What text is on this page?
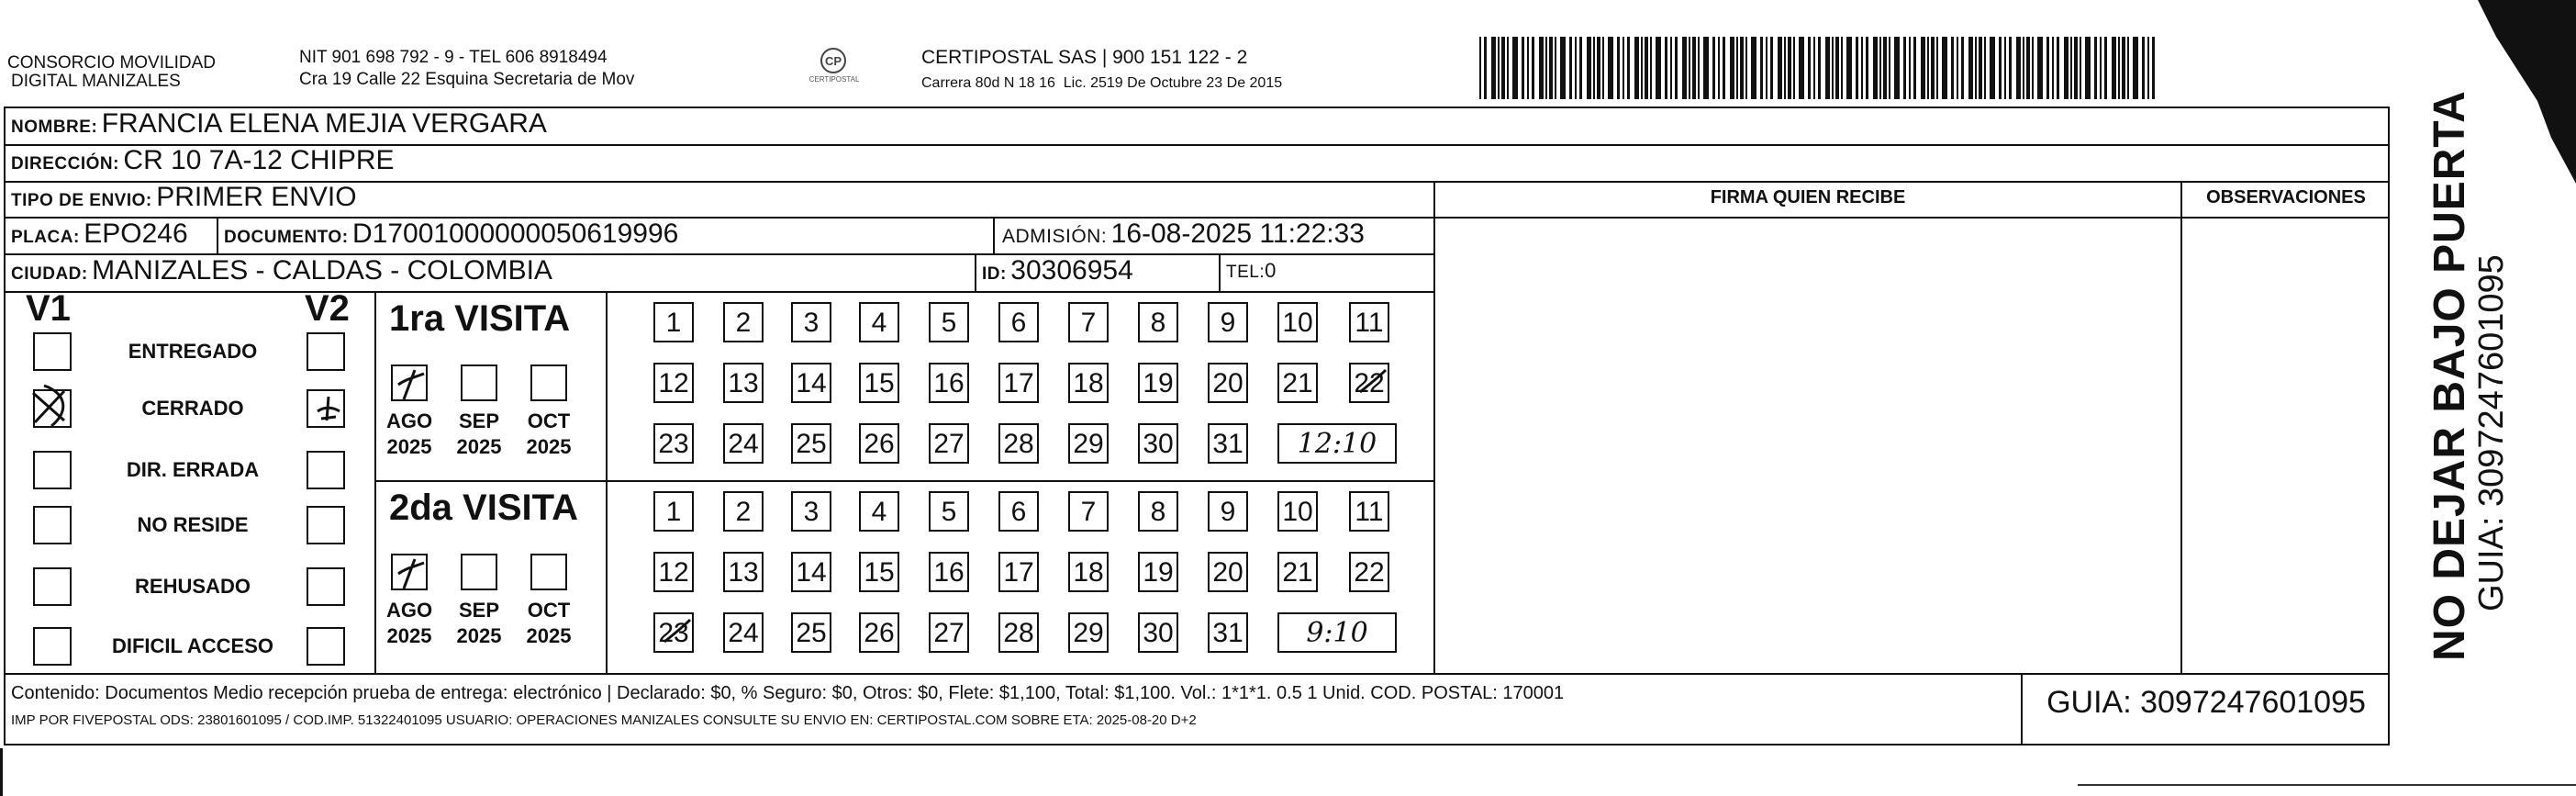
CONSORCIO MOVILIDAD
DIGITAL MANIZALES
NIT 901 698 792 - 9 - TEL 606 8918494
Cra 19 Calle 22 Esquina Secretaria de Mov
CP
CERTIPOSTAL
CERTIPOSTAL SAS | 900 151 122 - 2
Carrera 80d N 18 16  Lic. 2519 De Octubre 23 De 2015
NOMBRE: FRANCIA ELENA MEJIA VERGARA
DIRECCIÓN: CR 10 7A-12 CHIPRE
TIPO DE ENVIO: PRIMER ENVIO	FIRMA QUIEN RECIBE	OBSERVACIONES
PLACA: EPO246 DOCUMENTO: D17001000000050619996	ADMISIÓN: 16-08-2025 11:22:33
CIUDAD: MANIZALES - CALDAS - COLOMBIA	ID: 30306954	TEL:0
V1	V2
ENTREGADO
CERRADO
DIR. ERRADA
NO RESIDE
REHUSADO
DIFICIL ACCESO
1ra VISITA
AGO
2025
SEP
2025
OCT
2025
1	2	3	4	5	6	7	8	9	10 11
12 13 14 15 16 17 18 19 20 21 22
23 24 25 26 27 28 29 30 31	12:10
2da VISITA
AGO
2025
SEP
2025
OCT
2025
1	2	3	4	5	6	7	8	9	10 11
12 13 14 15 16 17 18 19 20 21 22
23 24 25 26 27 28 29 30 31	9:10
Contenido: Documentos Medio recepción prueba de entrega: electrónico | Declarado: $0, % Seguro: $0, Otros: $0, Flete: $1,100, Total: $1,100. Vol.: 1*1*1. 0.5 1 Unid. COD. POSTAL: 170001
IMP POR FIVEPOSTAL ODS: 23801601095 / COD.IMP. 51322401095 USUARIO: OPERACIONES MANIZALES CONSULTE SU ENVIO EN: CERTIPOSTAL.COM SOBRE ETA: 2025-08-20 D+2
GUIA: 3097247601095
NO DEJAR BAJO PUERTA
GUIA: 3097247601095
